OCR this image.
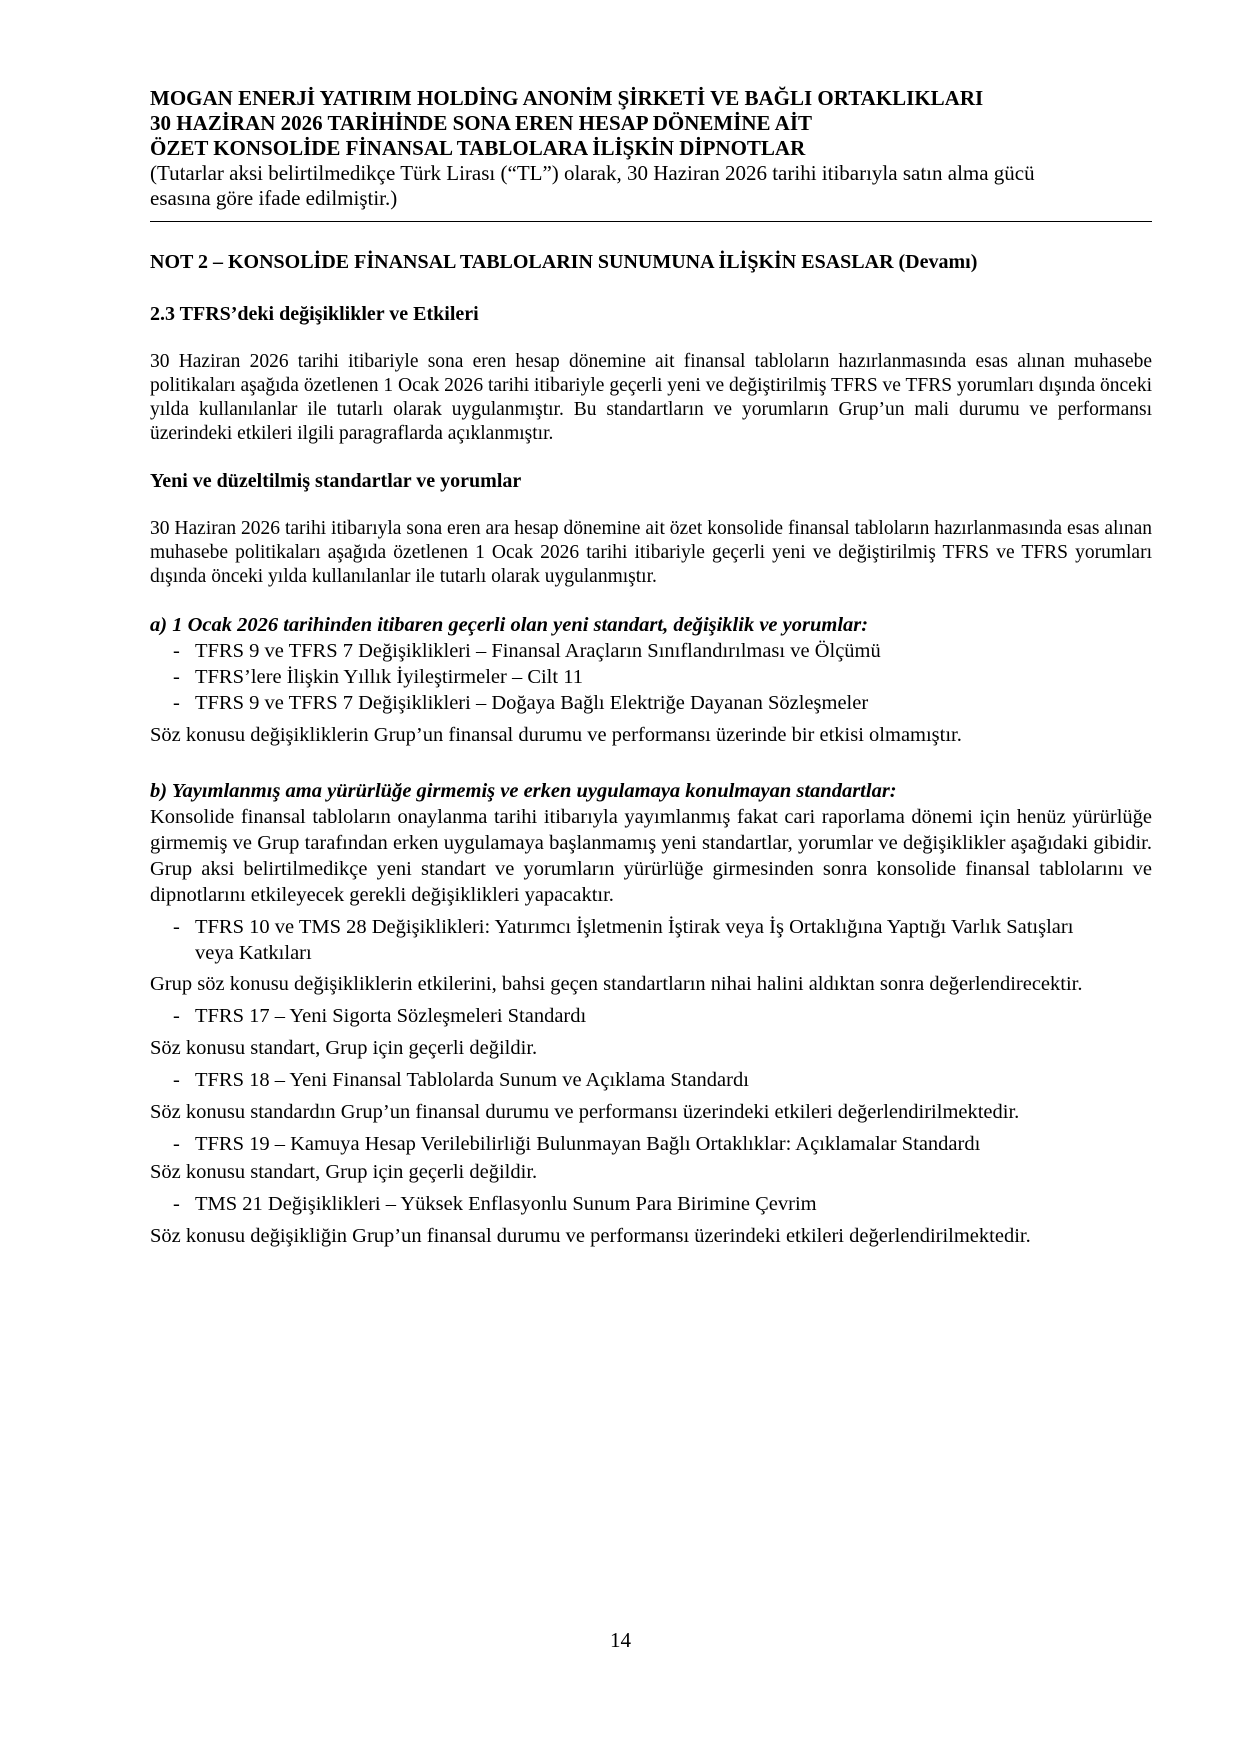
MOGAN ENERJİ YATIRIM HOLDİNG ANONİM ŞİRKETİ VE BAĞLI ORTAKLIKLARI
30 HAZİRAN 2026 TARİHİNDE SONA EREN HESAP DÖNEMİNE AİT
ÖZET KONSOLİDE FİNANSAL TABLOLARA İLİŞKİN DİPNOTLAR
(Tutarlar aksi belirtilmedikçe Türk Lirası (“TL”) olarak, 30 Haziran 2026 tarihi itibarıyla satın alma gücü
esasına göre ifade edilmiştir.)
NOT 2 – KONSOLİDE FİNANSAL TABLOLARIN SUNUMUNA İLİŞKİN ESASLAR (Devamı)
2.3 TFRS’deki değişiklikler ve Etkileri
30 Haziran 2026 tarihi itibariyle sona eren hesap dönemine ait finansal tabloların hazırlanmasında esas alınan muhasebe politikaları aşağıda özetlenen 1 Ocak 2026 tarihi itibariyle geçerli yeni ve değiştirilmiş TFRS ve TFRS yorumları dışında önceki yılda kullanılanlar ile tutarlı olarak uygulanmıştır. Bu standartların ve yorumların Grup’un mali durumu ve performansı üzerindeki etkileri ilgili paragraflarda açıklanmıştır.
Yeni ve düzeltilmiş standartlar ve yorumlar
30 Haziran 2026 tarihi itibarıyla sona eren ara hesap dönemine ait özet konsolide finansal tabloların hazırlanmasında esas alınan muhasebe politikaları aşağıda özetlenen 1 Ocak 2026 tarihi itibariyle geçerli yeni ve değiştirilmiş TFRS ve TFRS yorumları dışında önceki yılda kullanılanlar ile tutarlı olarak uygulanmıştır.
a) 1 Ocak 2026 tarihinden itibaren geçerli olan yeni standart, değişiklik ve yorumlar:
- TFRS 9 ve TFRS 7 Değişiklikleri – Finansal Araçların Sınıflandırılması ve Ölçümü
- TFRS’lere İlişkin Yıllık İyileştirmeler – Cilt 11
- TFRS 9 ve TFRS 7 Değişiklikleri – Doğaya Bağlı Elektriğe Dayanan Sözleşmeler
Söz konusu değişikliklerin Grup’un finansal durumu ve performansı üzerinde bir etkisi olmamıştır.
b) Yayımlanmış ama yürürlüğe girmemiş ve erken uygulamaya konulmayan standartlar:
Konsolide finansal tabloların onaylanma tarihi itibarıyla yayımlanmış fakat cari raporlama dönemi için henüz yürürlüğe girmemiş ve Grup tarafından erken uygulamaya başlanmamış yeni standartlar, yorumlar ve değişiklikler aşağıdaki gibidir. Grup aksi belirtilmedikçe yeni standart ve yorumların yürürlüğe girmesinden sonra konsolide finansal tablolarını ve dipnotlarını etkileyecek gerekli değişiklikleri yapacaktır.
- TFRS 10 ve TMS 28 Değişiklikleri: Yatırımcı İşletmenin İştirak veya İş Ortaklığına Yaptığı Varlık Satışları veya Katkıları
Grup söz konusu değişikliklerin etkilerini, bahsi geçen standartların nihai halini aldıktan sonra değerlendirecektir.
- TFRS 17 – Yeni Sigorta Sözleşmeleri Standardı
Söz konusu standart, Grup için geçerli değildir.
- TFRS 18 – Yeni Finansal Tablolarda Sunum ve Açıklama Standardı
Söz konusu standardın Grup’un finansal durumu ve performansı üzerindeki etkileri değerlendirilmektedir.
- TFRS 19 – Kamuya Hesap Verilebilirliği Bulunmayan Bağlı Ortaklıklar: Açıklamalar Standardı
Söz konusu standart, Grup için geçerli değildir.
- TMS 21 Değişiklikleri – Yüksek Enflasyonlu Sunum Para Birimine Çevrim
Söz konusu değişikliğin Grup’un finansal durumu ve performansı üzerindeki etkileri değerlendirilmektedir.
14
